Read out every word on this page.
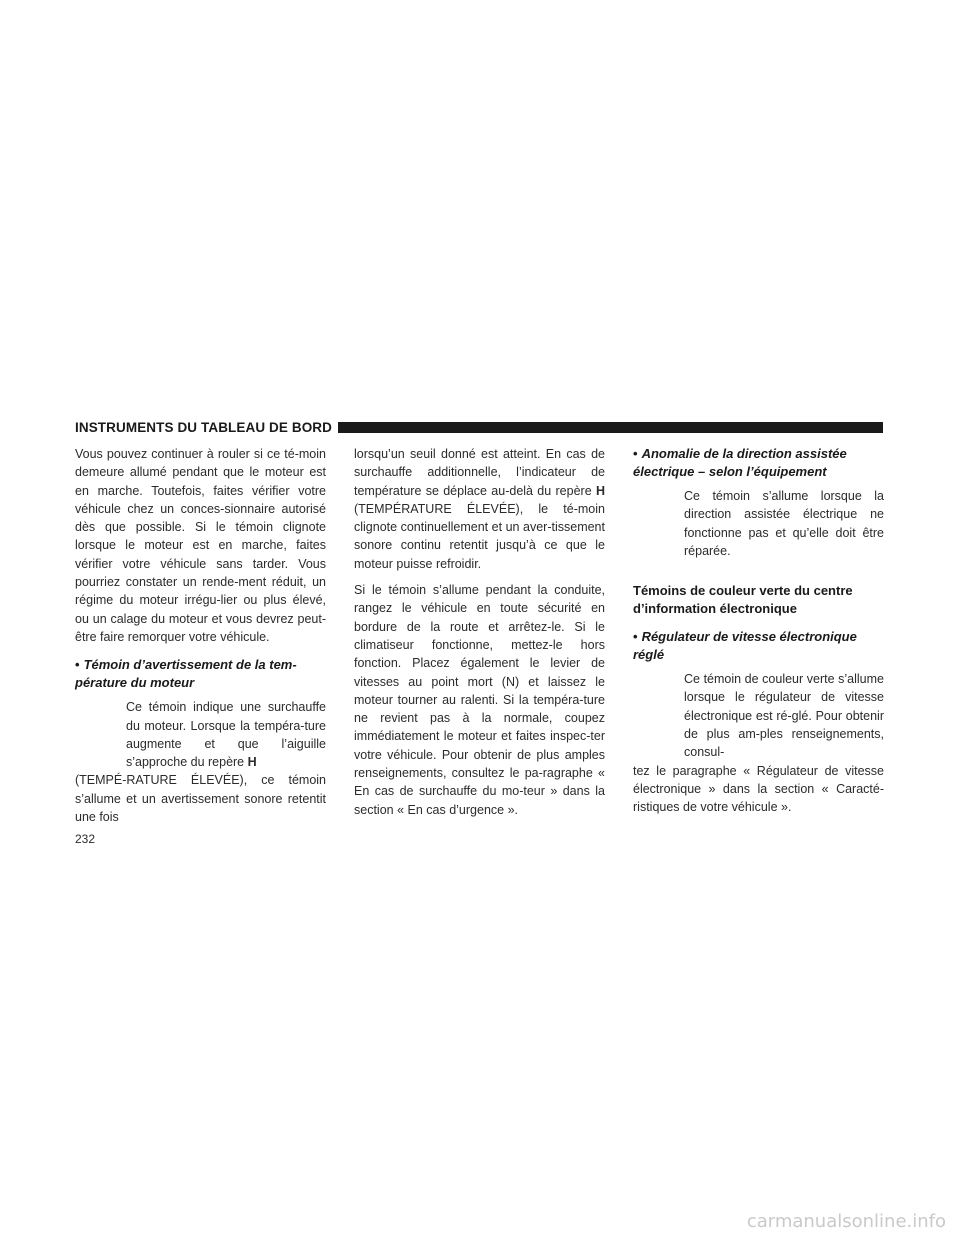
INSTRUMENTS DU TABLEAU DE BORD

Vous pouvez continuer à rouler si ce té-moin demeure allumé pendant que le moteur est en marche. Toutefois, faites vérifier votre véhicule chez un conces-sionnaire autorisé dès que possible. Si le témoin clignote lorsque le moteur est en marche, faites vérifier votre véhicule sans tarder. Vous pourriez constater un rende-ment réduit, un régime du moteur irrégu-lier ou plus élevé, ou un calage du moteur et vous devrez peut-être faire remorquer votre véhicule.

• Témoin d’avertissement de la tem-pérature du moteur

Ce témoin indique une surchauffe du moteur. Lorsque la tempéra-ture augmente et que l’aiguille s’approche du repère H

(TEMPÉ-RATURE ÉLEVÉE), ce témoin s’allume et un avertissement sonore retentit une fois

lorsqu’un seuil donné est atteint. En cas de surchauffe additionnelle, l’indicateur de température se déplace au-delà du repère H (TEMPÉRATURE ÉLEVÉE), le té-moin clignote continuellement et un aver-tissement sonore continu retentit jusqu’à ce que le moteur puisse refroidir.

Si le témoin s’allume pendant la conduite, rangez le véhicule en toute sécurité en bordure de la route et arrêtez-le. Si le climatiseur fonctionne, mettez-le hors fonction. Placez également le levier de vitesses au point mort (N) et laissez le moteur tourner au ralenti. Si la tempéra-ture ne revient pas à la normale, coupez immédiatement le moteur et faites inspec-ter votre véhicule. Pour obtenir de plus amples renseignements, consultez le pa-ragraphe « En cas de surchauffe du mo-teur » dans la section « En cas d’urgence ».

• Anomalie de la direction assistée électrique – selon l’équipement

Ce témoin s’allume lorsque la direction assistée électrique ne fonctionne pas et qu’elle doit être réparée.

Témoins de couleur verte du centre d’information électronique
• Régulateur de vitesse électronique réglé

Ce témoin de couleur verte s’allume lorsque le régulateur de vitesse électronique est ré-glé. Pour obtenir de plus am-ples renseignements, consul-

tez le paragraphe « Régulateur de vitesse électronique » dans la section « Caracté-ristiques de votre véhicule ».

232
carmanualsonline.info
